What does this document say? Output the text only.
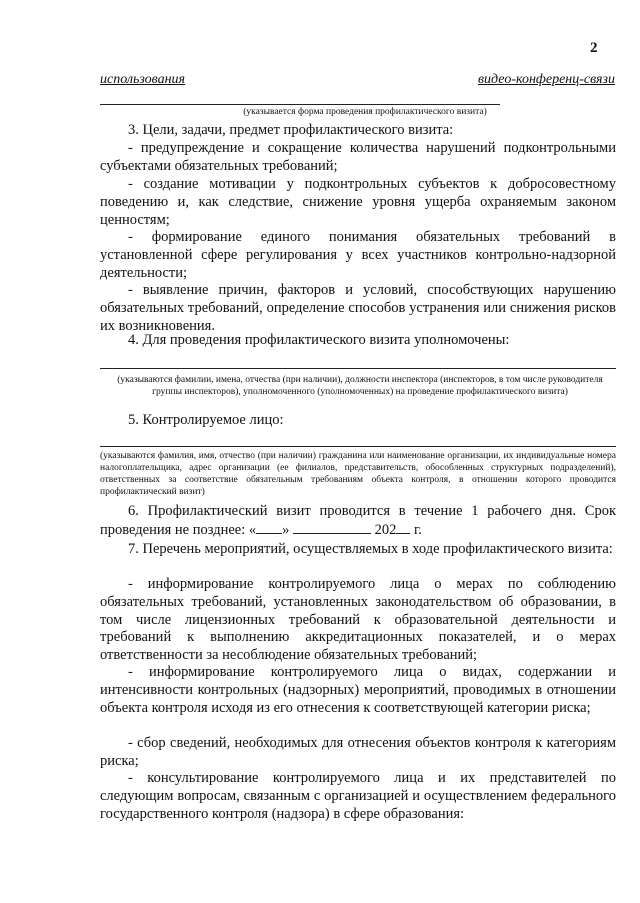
2
использования	видео-конференц-связи
(указывается форма проведения профилактического визита)
3. Цели, задачи, предмет профилактического визита:
- предупреждение и сокращение количества нарушений подконтрольными субъектами обязательных требований;
- создание мотивации у подконтрольных субъектов к добросовестному поведению и, как следствие, снижение уровня ущерба охраняемым законом ценностям;
- формирование единого понимания обязательных требований в установленной сфере регулирования у всех участников контрольно-надзорной деятельности;
- выявление причин, факторов и условий, способствующих нарушению обязательных требований, определение способов устранения или снижения рисков их возникновения.
4. Для проведения профилактического визита уполномочены:
(указываются фамилии, имена, отчества (при наличии), должности инспектора (инспекторов, в том числе руководителя группы инспекторов), уполномоченного (уполномоченных) на проведение профилактического визита)
5. Контролируемое лицо:
(указываются фамилия, имя, отчество (при наличии) гражданина или наименование организации, их индивидуальные номера налогоплательщика, адрес организации (ее филиалов, представительств, обособленных структурных подразделений), ответственных за соответствие обязательным требованиям объекта контроля, в отношении которого проводится профилактический визит)
6. Профилактический визит проводится в течение 1 рабочего дня. Срок проведения не позднее: « »	202 г.
7. Перечень мероприятий, осуществляемых в ходе профилактического визита:
- информирование контролируемого лица о мерах по соблюдению обязательных требований, установленных законодательством об образовании, в том числе лицензионных требований к образовательной деятельности и требований к выполнению аккредитационных показателей, и о мерах ответственности за несоблюдение обязательных требований;
- информирование контролируемого лица о видах, содержании и интенсивности контрольных (надзорных) мероприятий, проводимых в отношении объекта контроля исходя из его отнесения к соответствующей категории риска;
- сбор сведений, необходимых для отнесения объектов контроля к категориям риска;
- консультирование контролируемого лица и их представителей по следующим вопросам, связанным с организацией и осуществлением федерального государственного контроля (надзора) в сфере образования:
